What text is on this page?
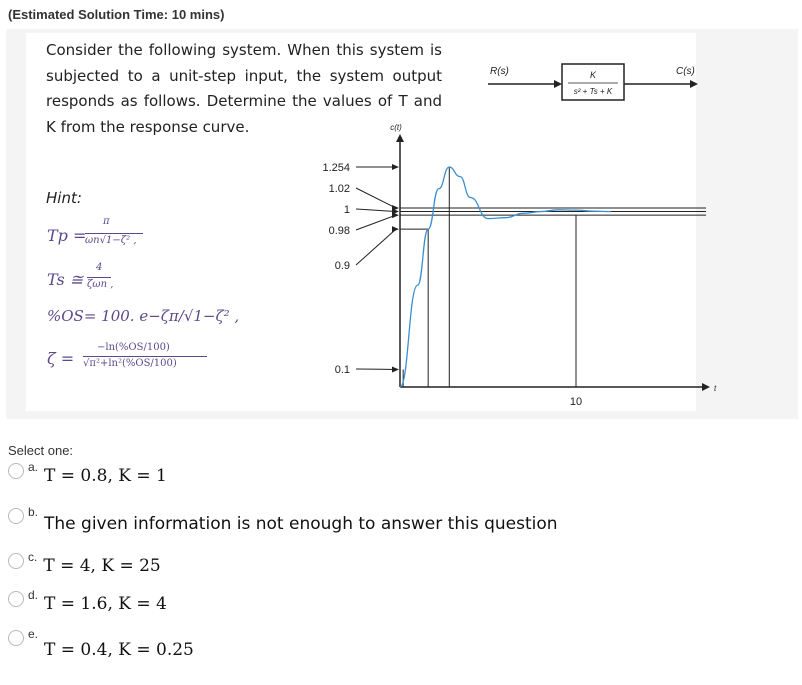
(Estimated Solution Time: 10 mins)
Consider the following system. When this system is subjected to a unit-step input, the system output responds as follows. Determine the values of T and K from the response curve.
R(s)	C(s)
K
s² + Ts + K
Hint:
Tp =
π
ωn√1−ζ² ,
Ts ≅
4
ζωn ,
%OS= 100. e−ζπ/√1−ζ² ,
ζ =
−ln(%OS/100)
√π²+ln²(%OS/100)
c(t)
t
1.254
1.02
1
0.98
0.9
0.1
10
Select one:
a. T = 0.8, K = 1
b.
The given information is not enough to answer this question
c. T = 4, K = 25
d. T = 1.6, K = 4
e.
T = 0.4, K = 0.25
